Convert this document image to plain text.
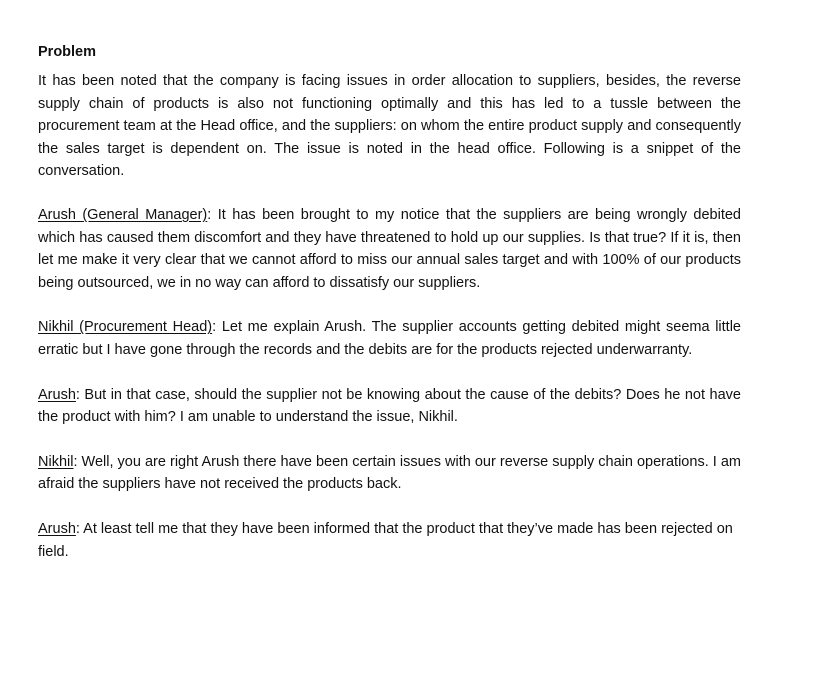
Problem

It has been noted that the company is facing issues in order allocation to suppliers, besides, the reverse supply chain of products is also not functioning optimally and this has led to a tussle between the procurement team at the Head office, and the suppliers: on whom the entire product supply and consequently the sales target is dependent on. The issue is noted in the head office. Following is a snippet of the conversation.

Arush (General Manager): It has been brought to my notice that the suppliers are being wrongly debited which has caused them discomfort and they have threatened to hold up our supplies. Is that true? If it is, then let me make it very clear that we cannot afford to miss our annual sales target and with 100% of our products being outsourced, we in no way can afford to dissatisfy our suppliers.

Nikhil (Procurement Head): Let me explain Arush. The supplier accounts getting debited might seema little erratic but I have gone through the records and the debits are for the products rejected underwarranty.

Arush: But in that case, should the supplier not be knowing about the cause of the debits? Does he not have the product with him? I am unable to understand the issue, Nikhil.

Nikhil: Well, you are right Arush there have been certain issues with our reverse supply chain operations. I am afraid the suppliers have not received the products back.

Arush: At least tell me that they have been informed that the product that they’ve made has been rejected on field.
